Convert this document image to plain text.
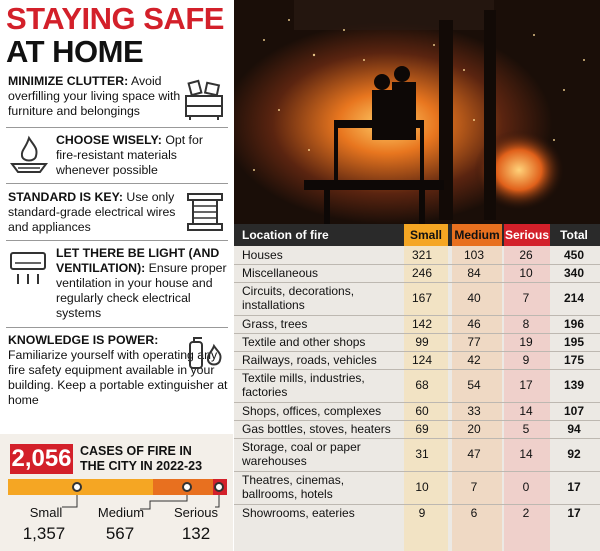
STAYING SAFE
AT HOME
MINIMIZE CLUTTER: Avoid overfilling your living space with furniture and belongings
CHOOSE WISELY: Opt for fire-resistant materials whenever possible
STANDARD IS KEY: Use only standard-grade electrical wires and appliances
LET THERE BE LIGHT (AND VENTILATION): Ensure proper ventilation in your house and regularly check electrical systems
KNOWLEDGE IS POWER:
Familiarize yourself with operating any fire safety equipment available in your building. Keep a portable extinguisher at home
2,056 CASES OF FIRE IN THE CITY IN 2022-23
Small
1,357
Medium
567
Serious
132
Location of fire	Small	Medium Serious Total
Houses	321	103	26	450
Miscellaneous	246	84	10	340
Circuits, decorations, installations	167	40	7	214
Grass, trees	142	46	8	196
Textile and other shops	99	77	19	195
Railways, roads, vehicles	124	42	9	175
Textile mills, industries, factories	68	54	17	139
Shops, offices, complexes	60	33	14	107
Gas bottles, stoves, heaters	69	20	5	94
Storage, coal or paper warehouses	31	47	14	92
Theatres, cinemas, ballrooms, hotels	10	7	0	17
Showrooms, eateries	9	6	2	17
